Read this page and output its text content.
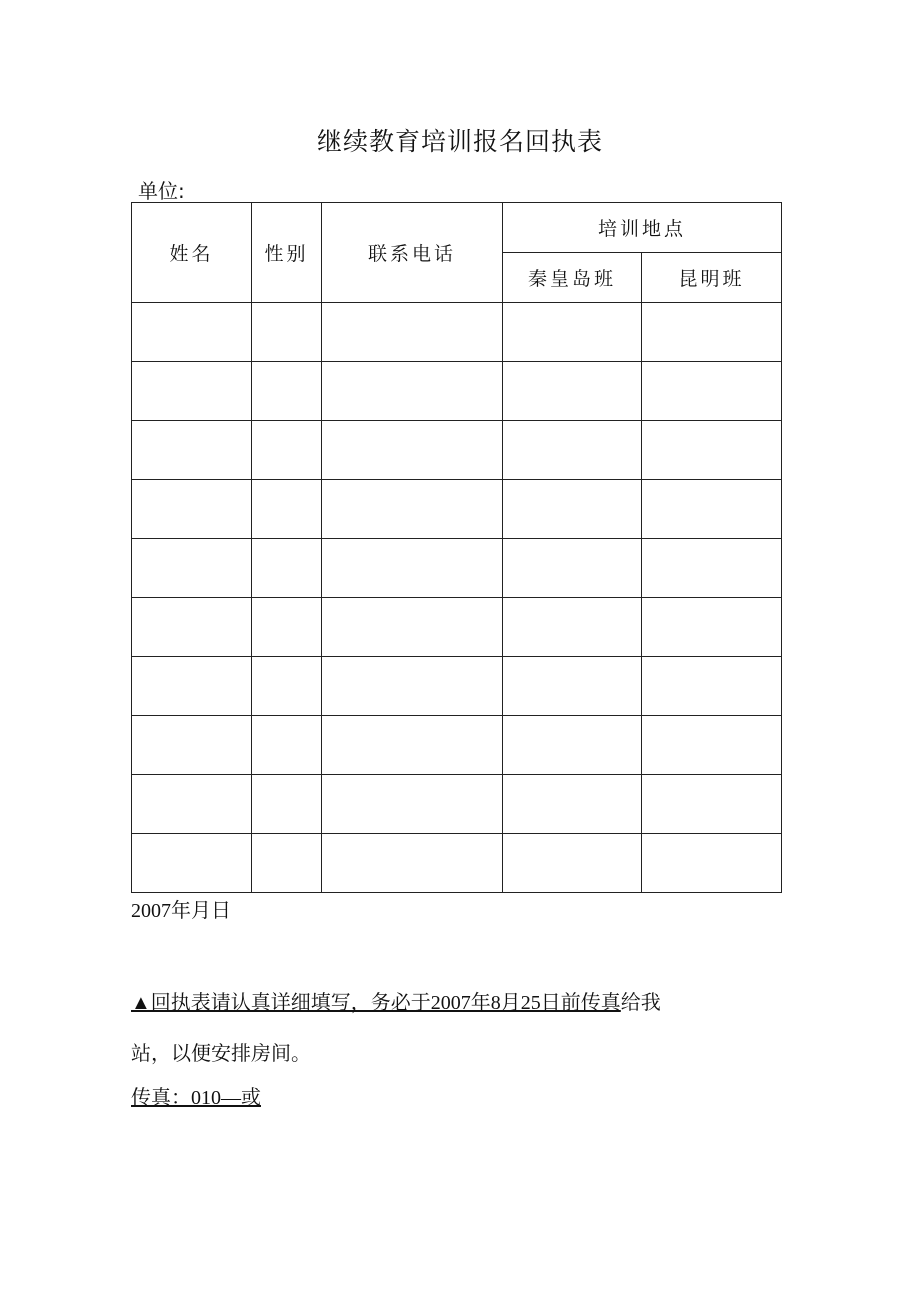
继续教育培训报名回执表
单位:
姓名	性别	联系电话	培训地点	
			秦皇岛班	昆明班

2007年月日
▲回执表请认真详细填写，务必于2007年8月25日前传真给我
站，以便安排房间。
传真：010—或
